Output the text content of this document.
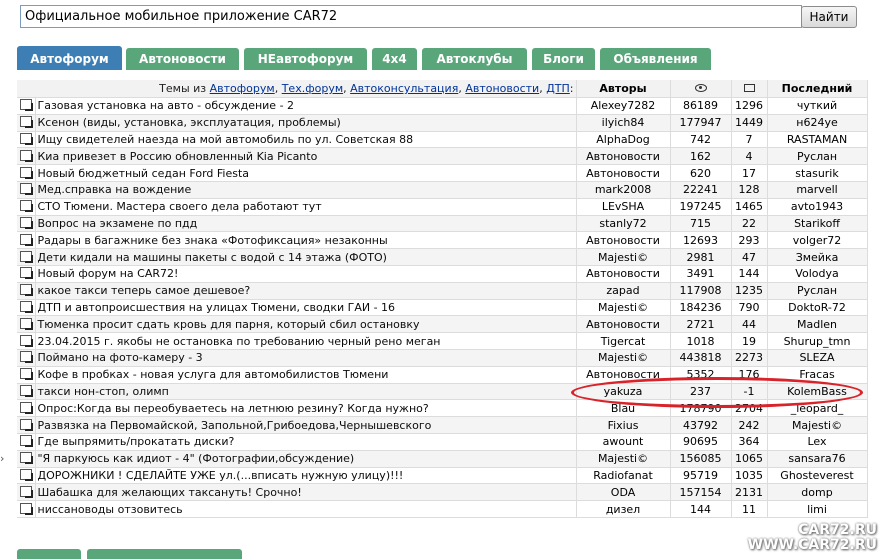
Официальное мобильное приложение CAR72
Найти
Автофорум	Автоновости	НЕавтофорум	4x4	Автоклубы	Блоги	Объявления
Темы из Автофорум, Тех.форум, Автоконсультация, Автоновости, ДТП:		Авторы			Последний
	Газовая установка на авто - обсуждение - 2	Alexey7282	86189	1296	чуткий
	Ксенон (виды, установка, эксплуатация, проблемы)	ilyich84	177947	1449	н624уе
	Ищу свидетелей наезда на мой автомобиль по ул. Советская 88	AlphaDog	742	7	RASTAMAN
	Киа привезет в Россию обновленный Kia Picanto	Автоновости	162	4	Руслан
	Новый бюджетный седан Ford Fiesta	Автоновости	620	17	stasurik
	Мед.справка на вождение	mark2008	22241	128	marvell
	СТО Тюмени. Мастера своего дела работают тут	LEvSHA	197245	1465	avto1943
	Вопрос на экзамене по пдд	stanly72	715	22	Starikoff
	Радары в багажнике без знака «Фотофиксация» незаконны	Автоновости	12693	293	volger72
	Дети кидали на машины пакеты с водой с 14 этажа (ФОТО)	Majesti©	2981	47	Змейка
	Новый форум на CAR72!	Автоновости	3491	144	Volodya
	какое такси теперь самое дешевое?	zapad	117908	1235	Руслан
	ДТП и автопроисшествия на улицах Тюмени, сводки ГАИ - 16	Majesti©	184236	790	DoktoR-72
	Тюменка просит сдать кровь для парня, который сбил остановку	Автоновости	2721	44	Madlen
	23.04.2015 г. якобы не остановка по требованию черный рено меган	Tigercat	1018	19	Shurup_tmn
	Поймано на фото-камеру - 3	Majesti©	443818	2273	SLEZA
	Кофе в пробках - новая услуга для автомобилистов Тюмени	Автоновости	5352	176	Fracas
	такси нон-стоп, олимп	yakuza	237	-1	KolemBass
	Опрос:Когда вы переобуваетесь на летнюю резину? Когда нужно?	Blau	178790	2704	_leopard_
	Развязка на Первомайской, Запольной,Грибоедова,Чернышевского	Fixius	43792	242	Majesti©
	Где выпрямить/прокатать диски?	awount	90695	364	Lex
	"Я паркуюсь как идиот - 4" (Фотографии,обсуждение)	Majesti©	156085	1065	sansara76
	ДОРОЖНИКИ ! СДЕЛАЙТЕ УЖЕ ул.(...вписать нужную улицу)!!!	Radiofanat	95719	1035	Ghosteverest
	Шабашка для желающих таксануть! Срочно!	ODA	157154	2131	domp
	ниссановоды отзовитесь	дизел	144	11	limi
›
CAR72.RU
WWW.CAR72.RU
